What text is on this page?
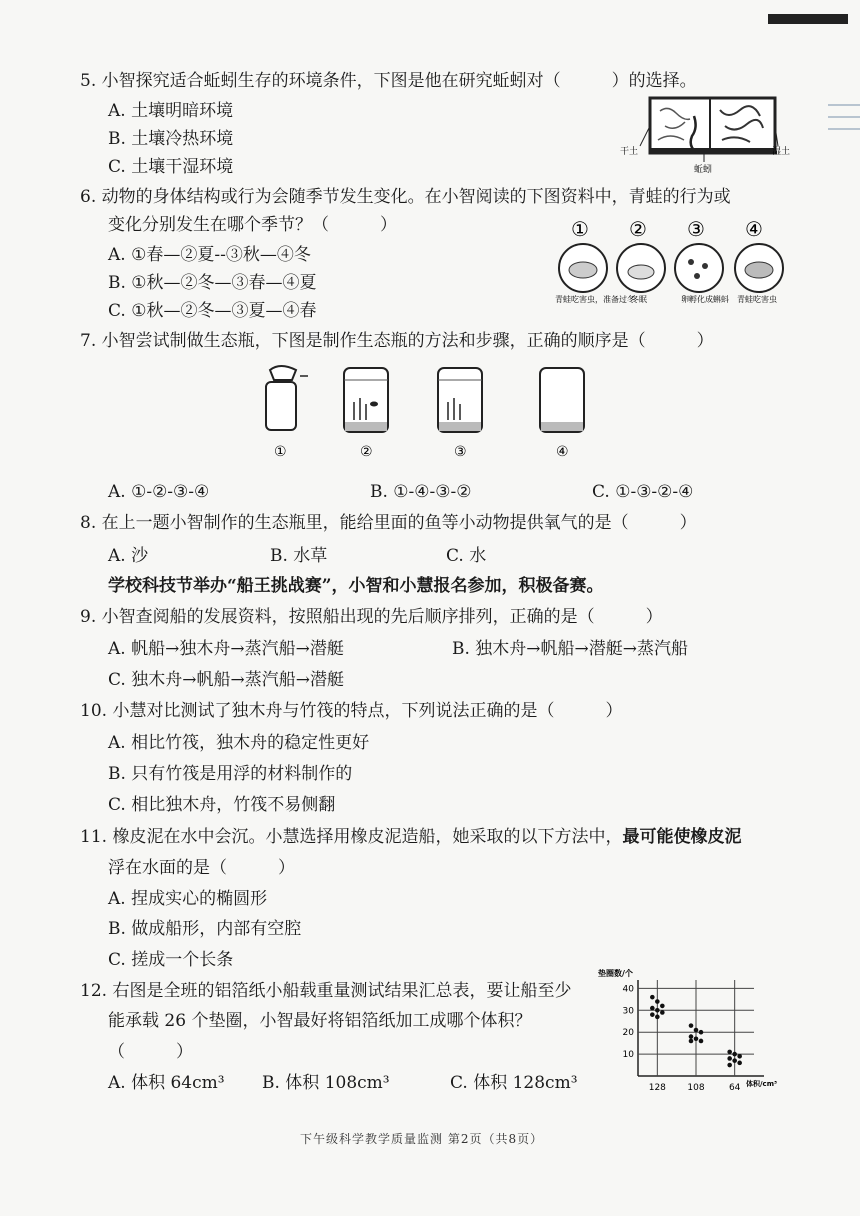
5. 小智探究适合蚯蚓生存的环境条件，下图是他在研究蚯蚓对（　　　）的选择。
A. 土壤明暗环境
B. 土壤冷热环境
C. 土壤干湿环境
干土	湿土
蚯蚓
6. 动物的身体结构或行为会随季节发生变化。在小智阅读的下图资料中，青蛙的行为或
变化分别发生在哪个季节？（　　　）
A. ①春—②夏--③秋—④冬
B. ①秋—②冬—③春—④夏
C. ①秋—②冬—③夏—④春
①
青蛙吃害虫，准备过冬
②
冬眠
③
卵孵化成蝌蚪
④
青蛙吃害虫
7. 小智尝试制做生态瓶，下图是制作生态瓶的方法和步骤，正确的顺序是（　　　）
①	②	③	④
A. ①-②-③-④	B. ①-④-③-②	C. ①-③-②-④
8. 在上一题小智制作的生态瓶里，能给里面的鱼等小动物提供氧气的是（　　　）
A. 沙	B. 水草	C. 水
学校科技节举办“船王挑战赛”，小智和小慧报名参加，积极备赛。
9. 小智查阅船的发展资料，按照船出现的先后顺序排列，正确的是（　　　）
A. 帆船→独木舟→蒸汽船→潜艇	B. 独木舟→帆船→潜艇→蒸汽船
C. 独木舟→帆船→蒸汽船→潜艇
10. 小慧对比测试了独木舟与竹筏的特点，下列说法正确的是（　　　）
A. 相比竹筏，独木舟的稳定性更好
B. 只有竹筏是用浮的材料制作的
C. 相比独木舟，竹筏不易侧翻
11. 橡皮泥在水中会沉。小慧选择用橡皮泥造船，她采取的以下方法中，最可能使橡皮泥
浮在水面的是（　　　）
A. 捏成实心的椭圆形
B. 做成船形，内部有空腔
C. 搓成一个长条
12. 右图是全班的铝箔纸小船载重量测试结果汇总表，要让船至少
能承载 26 个垫圈，小智最好将铝箔纸加工成哪个体积？
（　　　）
A. 体积 64cm³ B. 体积 108cm³	C. 体积 128cm³
垫圈数/个
体积/cm³
10
20
30
40
128 108	64
下午级科学教学质量监测 第2页（共8页）
